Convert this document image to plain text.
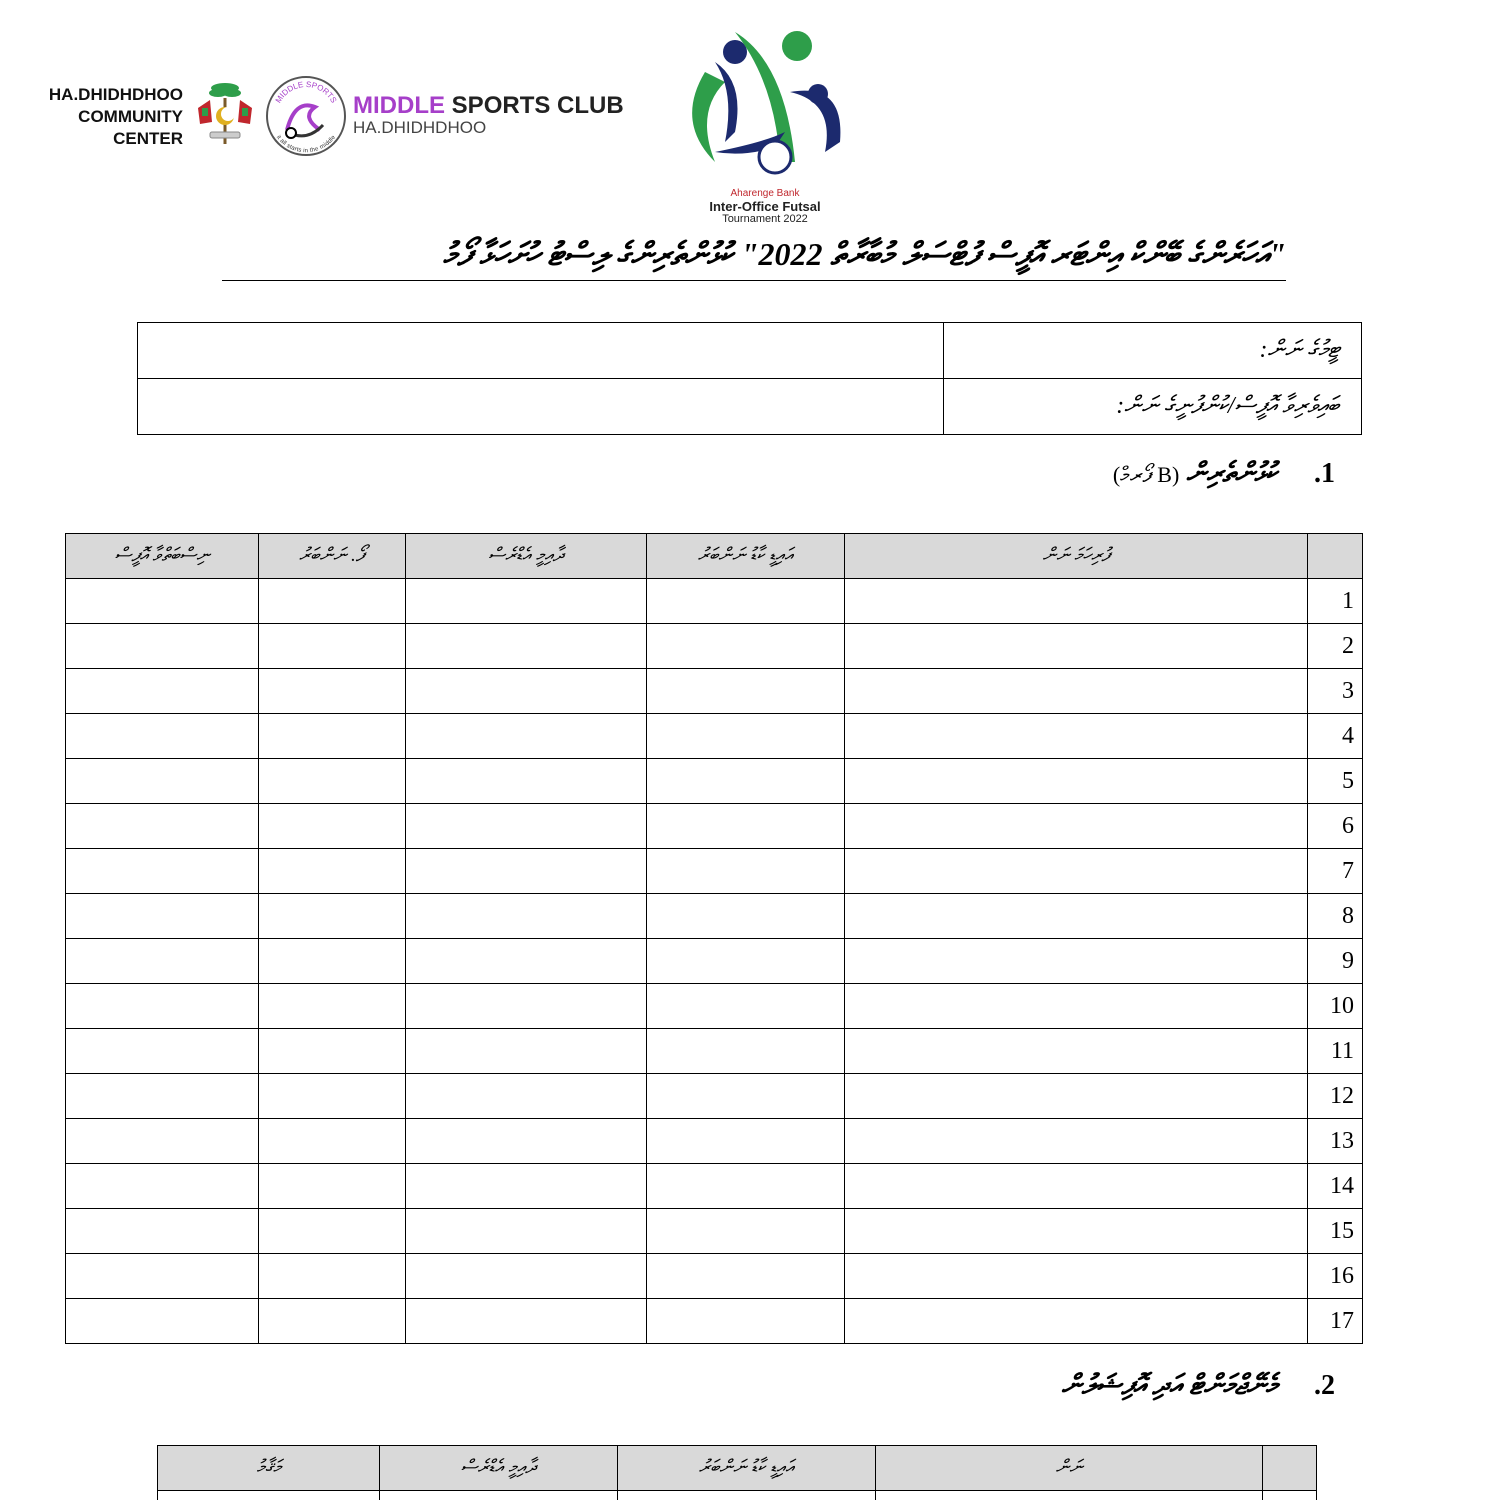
HA.DHIDHDHOO
COMMUNITY
CENTER
MIDDLE SPORTS
it all starts in the middle
MIDDLE SPORTS CLUB
HA.DHIDHDHOO
Aharenge Bank
Inter-Office Futsal
Tournament 2022
"އަހަރެންގެ ބޭންކް އިންޓަރ އޮފީސް ފުޓްސަލް މުބާރާތް 2022" ކުޅުންތެރިންގެ ލިސްޓު ހުށަހަޅާ ފޯމު
	ޓީމުގެ ނަން:
	ބައިވެރިވާ އޮފީސް/ކުންފުނީގެ ނަން:
1. ކުޅުންތެރިން (B ފޯރމް)
ނިސްބަތްވާ އޮފީސް	ފޯ. ނަންބަރު	ދާއިމީ އެޑްރެސް	އައިޑީ ކާޑު ނަންބަރު	ފުރިހަމަ ނަން	
					1
					2
					3
					4
					5
					6
					7
					8
					9
					10
					11
					12
					13
					14
					15
					16
					17
2. މެނޭޖްމަންޓް އަދި އޮފިޝަލުން
މަޤާމު	ދާއިމީ އެޑްރެސް	އައިޑީ ކާޑު ނަންބަރު	ނަން	
